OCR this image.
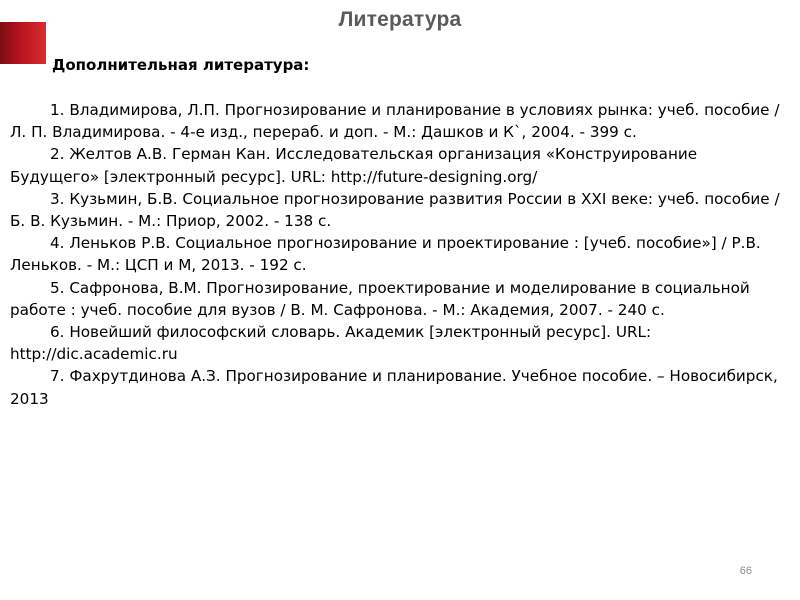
Литература
Дополнительная литература:
1. Владимирова, Л.П. Прогнозирование и планирование в условиях рынка: учеб. пособие / Л. П. Владимирова. - 4-е изд., перераб. и доп. - М.: Дашков и К`, 2004. - 399 с.
2. Желтов А.В. Герман Кан. Исследовательская организация «Конструирование Будущего» [электронный ресурс]. URL: http://future-designing.org/
3. Кузьмин, Б.В. Социальное прогнозирование развития России в XXI веке: учеб. пособие / Б. В. Кузьмин. - М.: Приор, 2002. - 138 с.
4. Леньков Р.В. Социальное прогнозирование и проектирование : [учеб. пособие»] / Р.В. Леньков. - М.: ЦСП и М, 2013. - 192 с.
5. Сафронова, В.М. Прогнозирование, проектирование и моделирование в социальной работе : учеб. пособие для вузов / В. М. Сафронова. - М.: Академия, 2007. - 240 с.
6. Новейший философский словарь. Академик [электронный ресурс]. URL: http://dic.academic.ru
7. Фахрутдинова А.З. Прогнозирование и планирование. Учебное пособие. – Новосибирск, 2013
66
